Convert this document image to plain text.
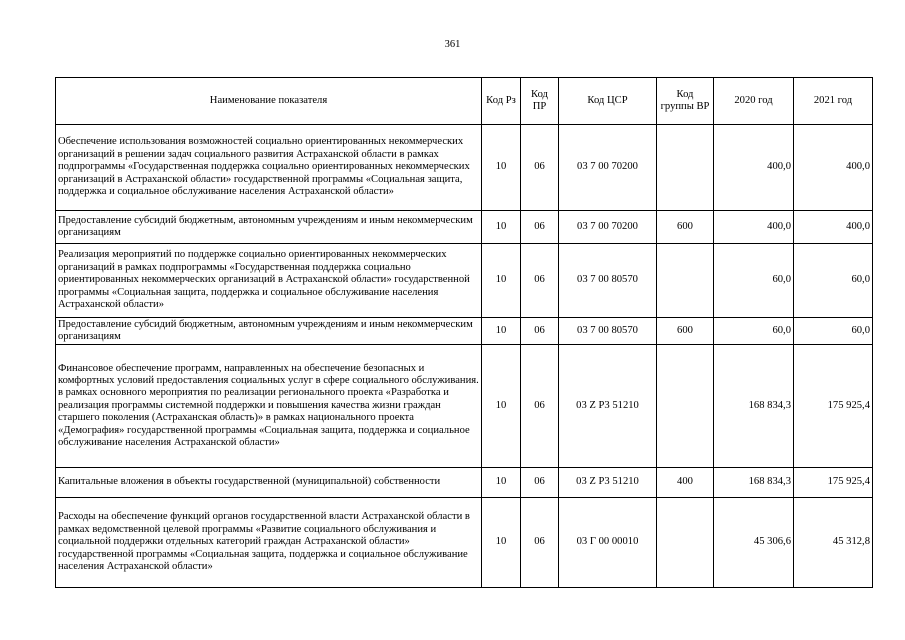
361
Наименование показателя	Код Рз	Код ПР	Код ЦСР	Код группы ВР	2020 год	2021 год
Обеспечение использования возможностей социально ориентированных некоммерческих организаций в решении задач социального развития Астраханской области в рамках подпрограммы «Государственная поддержка социально ориентированных некоммерческих организаций в Астраханской области» государственной программы «Социальная защита, поддержка и социальное обслуживание населения Астраханской области»	10	06	03 7 00 70200		400,0	400,0
Предоставление субсидий бюджетным, автономным учреждениям и иным некоммерческим организациям	10	06	03 7 00 70200	600	400,0	400,0
Реализация мероприятий по поддержке социально ориентированных некоммерческих организаций в рамках подпрограммы «Государственная поддержка социально ориентированных некоммерческих организаций в Астраханской области» государственной программы «Социальная защита, поддержка и социальное обслуживание населения Астраханской области»	10	06	03 7 00 80570		60,0	60,0
Предоставление субсидий бюджетным, автономным учреждениям и иным некоммерческим организациям	10	06	03 7 00 80570	600	60,0	60,0
Финансовое обеспечение программ, направленных на обеспечение безопасных и комфортных условий предоставления социальных услуг в сфере социального обслуживания. в рамках основного мероприятия по реализации регионального проекта «Разработка и реализация программы системной поддержки и повышения качества жизни граждан старшего поколения (Астраханская область)» в рамках национального проекта «Демография» государственной программы «Социальная защита, поддержка и социальное обслуживание населения Астраханской области»	10	06	03 Z P3 51210		168 834,3	175 925,4
Капитальные вложения в объекты государственной (муниципальной) собственности	10	06	03 Z P3 51210	400	168 834,3	175 925,4
Расходы на обеспечение функций органов государственной власти Астраханской области в рамках ведомственной целевой программы «Развитие социального обслуживания и социальной поддержки отдельных категорий граждан Астраханской области» государственной программы «Социальная защита, поддержка и социальное обслуживание населения Астраханской области»	10	06	03 Г 00 00010		45 306,6	45 312,8
